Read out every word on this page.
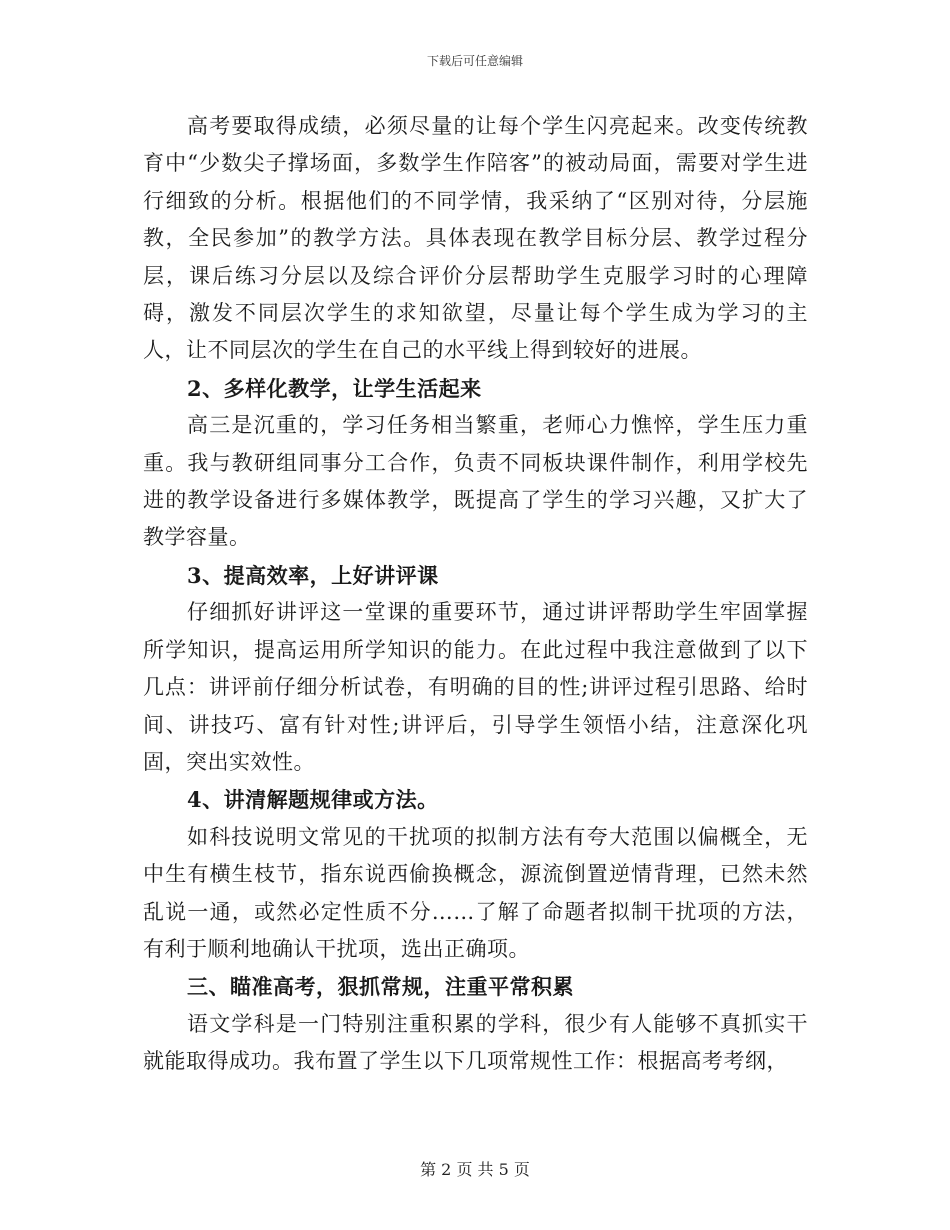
下载后可任意编辑

高考要取得成绩，必须尽量的让每个学生闪亮起来。改变传统教育中“少数尖子撑场面，多数学生作陪客”的被动局面，需要对学生进行细致的分析。根据他们的不同学情，我采纳了“区别对待，分层施教，全民参加”的教学方法。具体表现在教学目标分层、教学过程分层，课后练习分层以及综合评价分层帮助学生克服学习时的心理障碍，激发不同层次学生的求知欲望，尽量让每个学生成为学习的主人，让不同层次的学生在自己的水平线上得到较好的进展。

2、多样化教学，让学生活起来

高三是沉重的，学习任务相当繁重，老师心力憔悴，学生压力重重。我与教研组同事分工合作，负责不同板块课件制作，利用学校先进的教学设备进行多媒体教学，既提高了学生的学习兴趣，又扩大了教学容量。

3、提高效率，上好讲评课

仔细抓好讲评这一堂课的重要环节，通过讲评帮助学生牢固掌握所学知识，提高运用所学知识的能力。在此过程中我注意做到了以下几点：讲评前仔细分析试卷，有明确的目的性;讲评过程引思路、给时间、讲技巧、富有针对性;讲评后，引导学生领悟小结，注意深化巩固，突出实效性。

4、讲清解题规律或方法。

如科技说明文常见的干扰项的拟制方法有夸大范围以偏概全，无中生有横生枝节，指东说西偷换概念，源流倒置逆情背理，已然未然乱说一通，或然必定性质不分……了解了命题者拟制干扰项的方法，有利于顺利地确认干扰项，选出正确项。

三、瞄准高考，狠抓常规，注重平常积累

语文学科是一门特别注重积累的学科，很少有人能够不真抓实干就能取得成功。我布置了学生以下几项常规性工作：根据高考考纲，

第 2 页 共 5 页
